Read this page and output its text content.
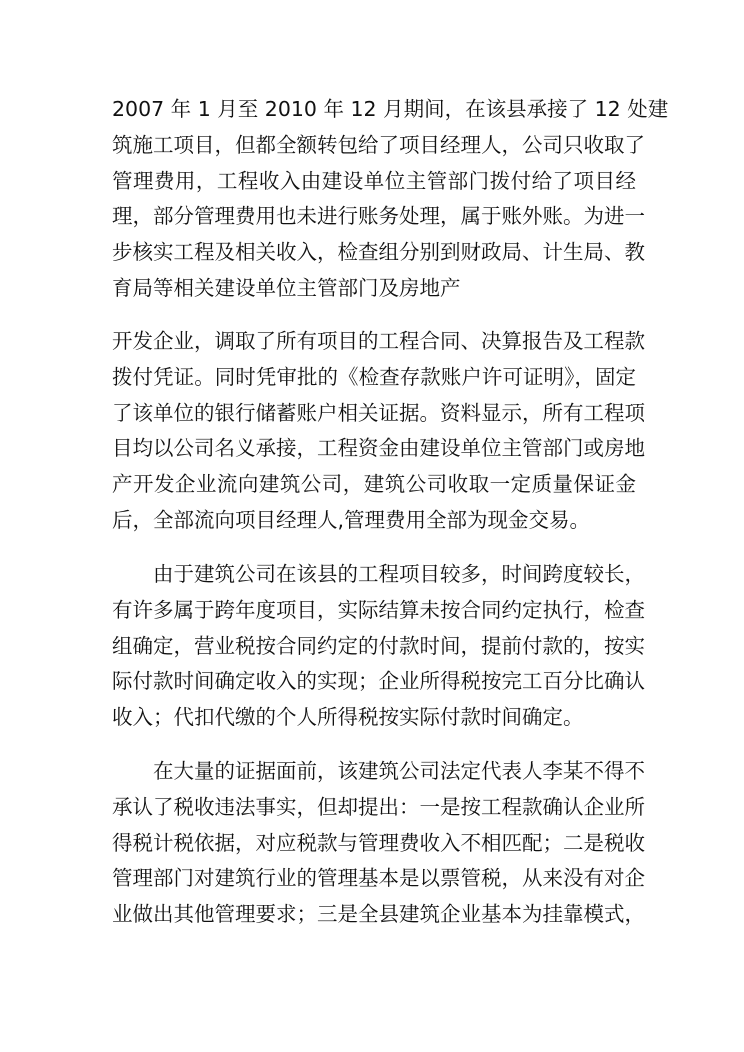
2007 年 1 月至 2010 年 12 月期间，在该县承接了 12 处建
筑施工项目，但都全额转包给了项目经理人，公司只收取了
管理费用，工程收入由建设单位主管部门拨付给了项目经
理，部分管理费用也未进行账务处理，属于账外账。为进一
步核实工程及相关收入，检查组分别到财政局、计生局、教
育局等相关建设单位主管部门及房地产
开发企业，调取了所有项目的工程合同、决算报告及工程款
拨付凭证。同时凭审批的《检查存款账户许可证明》，固定
了该单位的银行储蓄账户相关证据。资料显示，所有工程项
目均以公司名义承接，工程资金由建设单位主管部门或房地
产开发企业流向建筑公司，建筑公司收取一定质量保证金
后，全部流向项目经理人,管理费用全部为现金交易。
　　由于建筑公司在该县的工程项目较多，时间跨度较长，
有许多属于跨年度项目，实际结算未按合同约定执行，检查
组确定，营业税按合同约定的付款时间，提前付款的，按实
际付款时间确定收入的实现；企业所得税按完工百分比确认
收入；代扣代缴的个人所得税按实际付款时间确定。
　　在大量的证据面前，该建筑公司法定代表人李某不得不
承认了税收违法事实，但却提出：一是按工程款确认企业所
得税计税依据，对应税款与管理费收入不相匹配；二是税收
管理部门对建筑行业的管理基本是以票管税，从来没有对企
业做出其他管理要求；三是全县建筑企业基本为挂靠模式，
